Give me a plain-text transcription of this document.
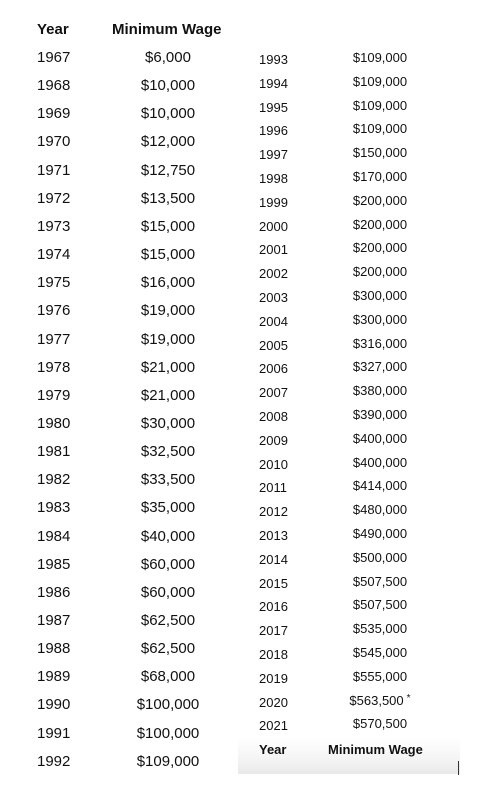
Year	Minimum Wage
1967	$6,000
1968	$10,000
1969	$10,000
1970	$12,000
1971	$12,750
1972	$13,500
1973	$15,000
1974	$15,000
1975	$16,000
1976	$19,000
1977	$19,000
1978	$21,000
1979	$21,000
1980	$30,000
1981	$32,500
1982	$33,500
1983	$35,000
1984	$40,000
1985	$60,000
1986	$60,000
1987	$62,500
1988	$62,500
1989	$68,000
1990	$100,000
1991	$100,000
1992	$109,000
1993	$109,000
1994	$109,000
1995	$109,000
1996	$109,000
1997	$150,000
1998	$170,000
1999	$200,000
2000	$200,000
2001	$200,000
2002	$200,000
2003	$300,000
2004	$300,000
2005	$316,000
2006	$327,000
2007	$380,000
2008	$390,000
2009	$400,000
2010	$400,000
2011	$414,000
2012	$480,000
2013	$490,000
2014	$500,000
2015	$507,500
2016	$507,500
2017	$535,000
2018	$545,000
2019	$555,000
2020	$563,500 *
2021	$570,500
Year	Minimum Wage
